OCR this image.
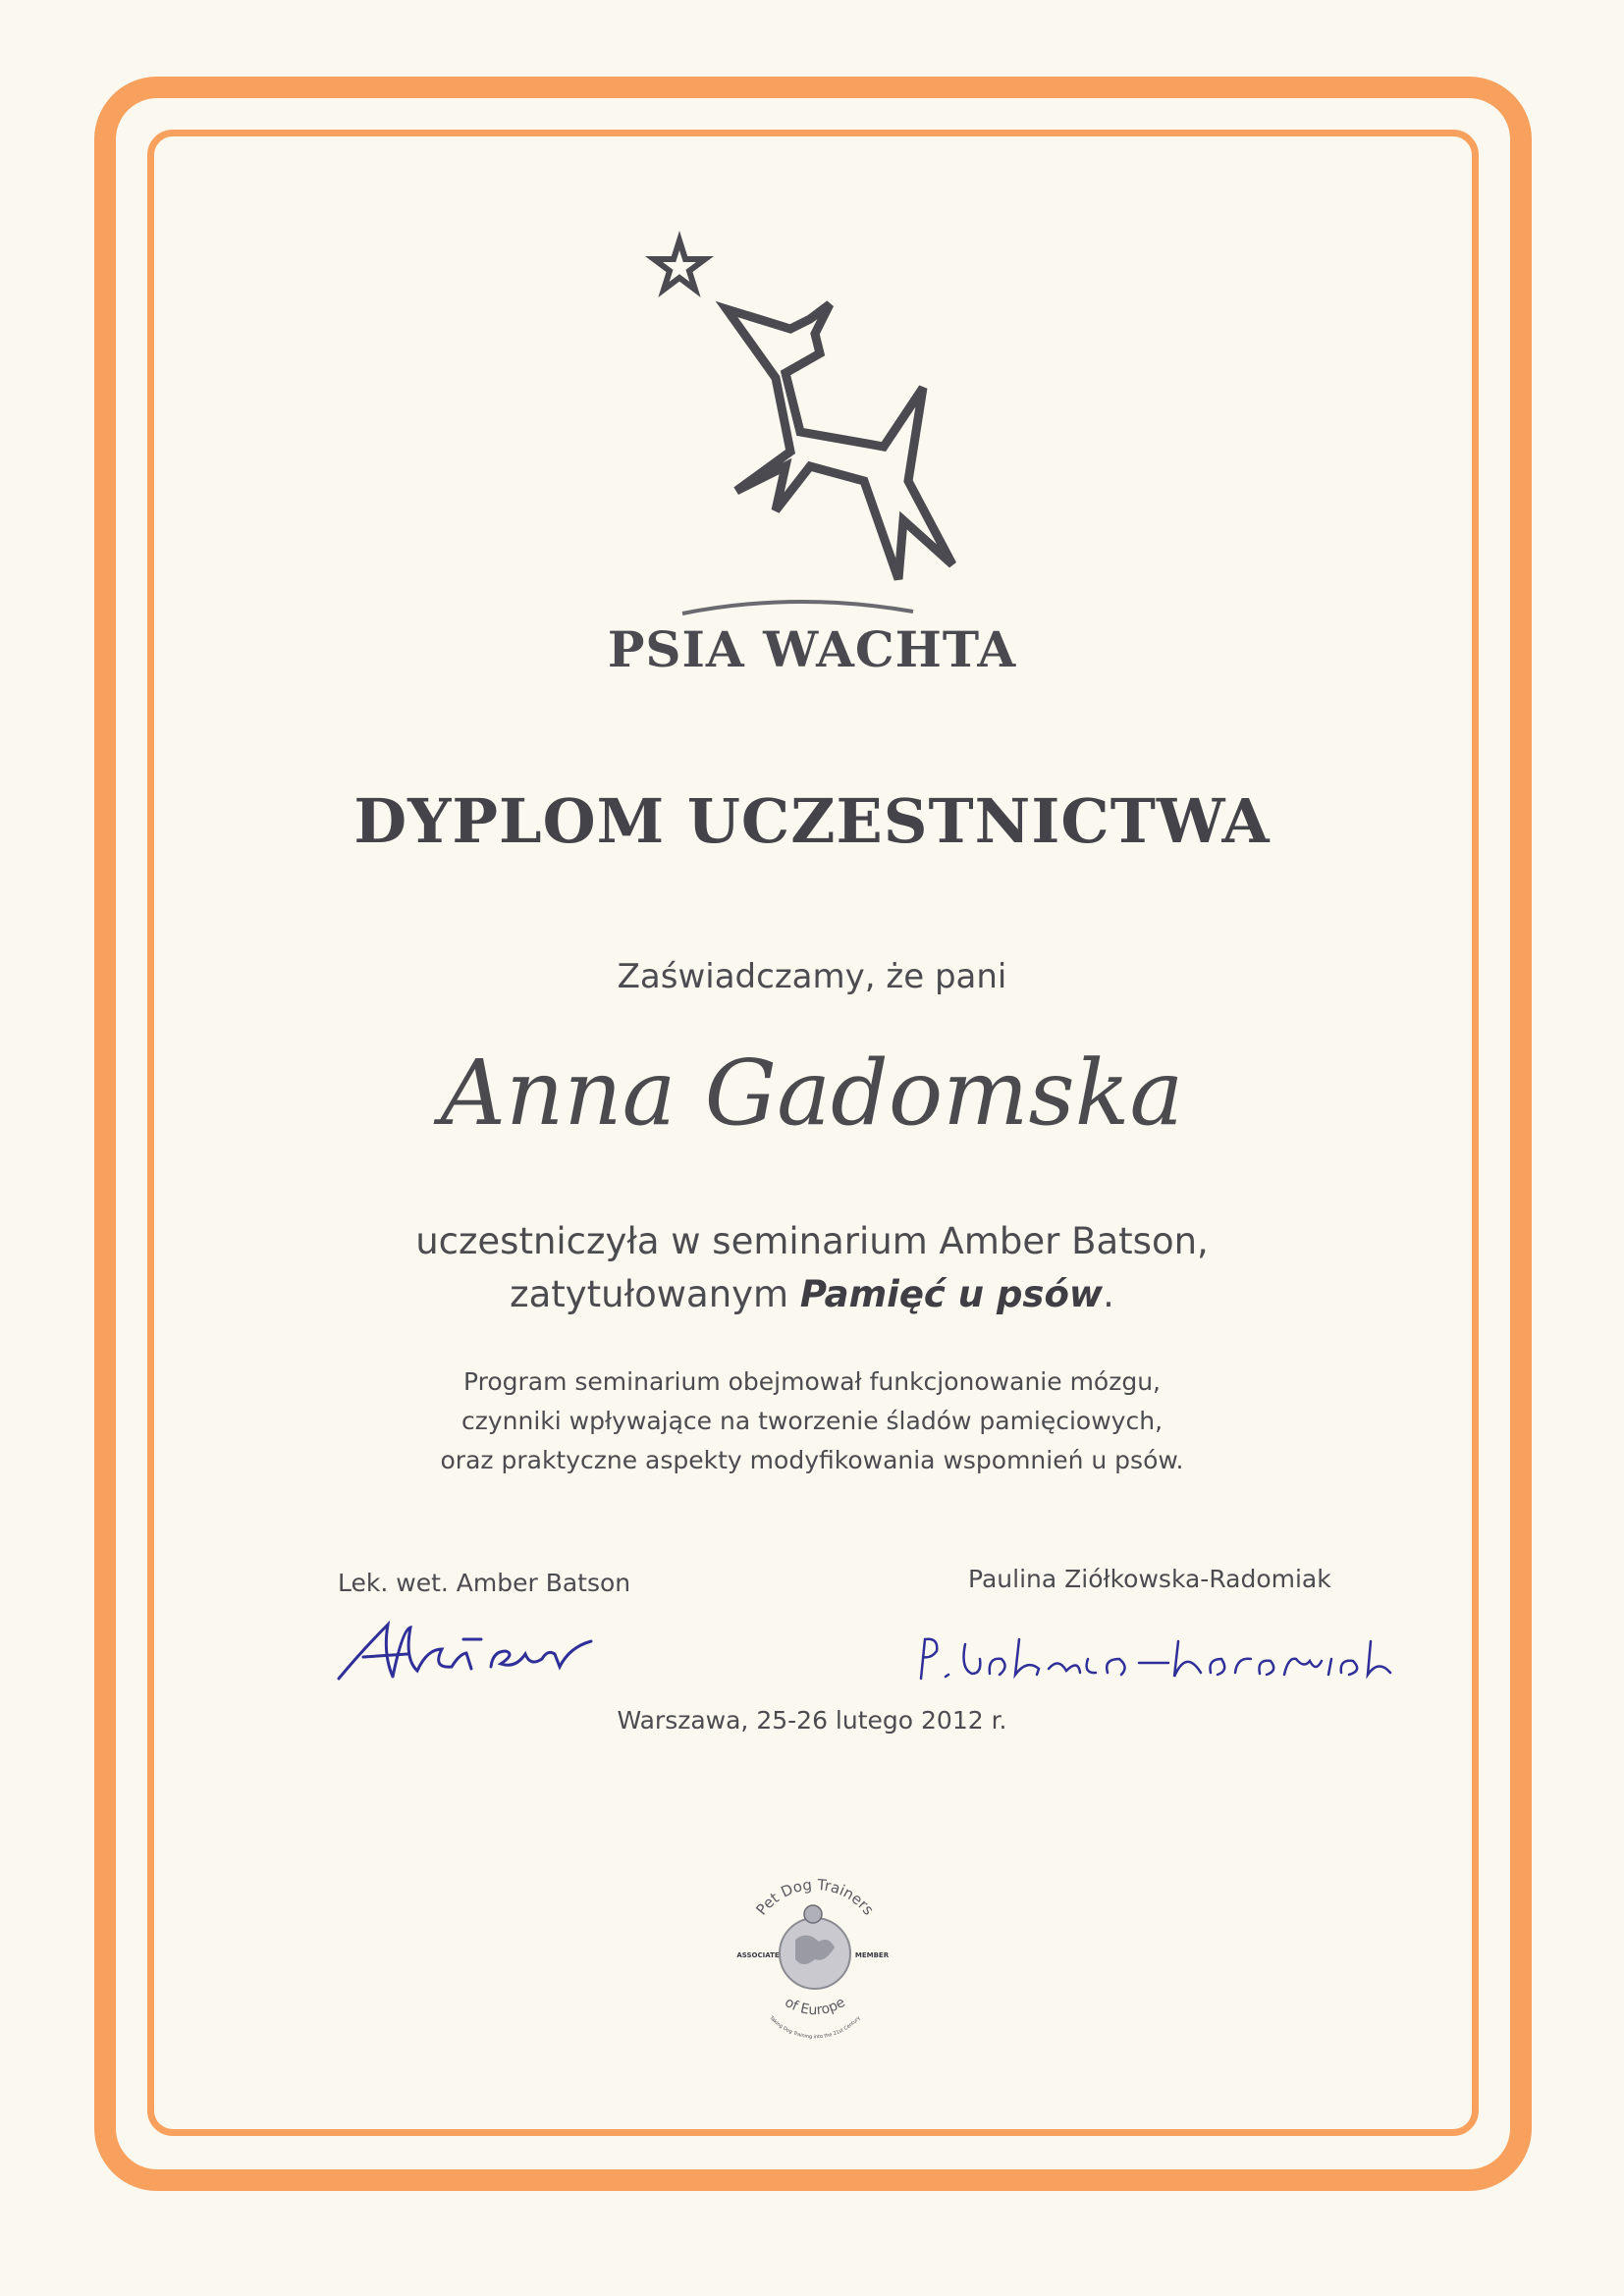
PSIA WACHTA
DYPLOM UCZESTNICTWA
Zaświadczamy, że pani
Anna Gadomska
uczestniczyła w seminarium Amber Batson,
zatytułowanym Pamięć u psów.
Program seminarium obejmował funkcjonowanie mózgu,
czynniki wpływające na tworzenie śladów pamięciowych,
oraz praktyczne aspekty modyfikowania wspomnień u psów.
Lek. wet. Amber Batson	Paulina Ziółkowska-Radomiak
Warszawa, 25-26 lutego 2012 r.
Pet Dog Trainers
ASSOCIATE	MEMBER
of Europe
Taking Dog Training into the 21st Century
